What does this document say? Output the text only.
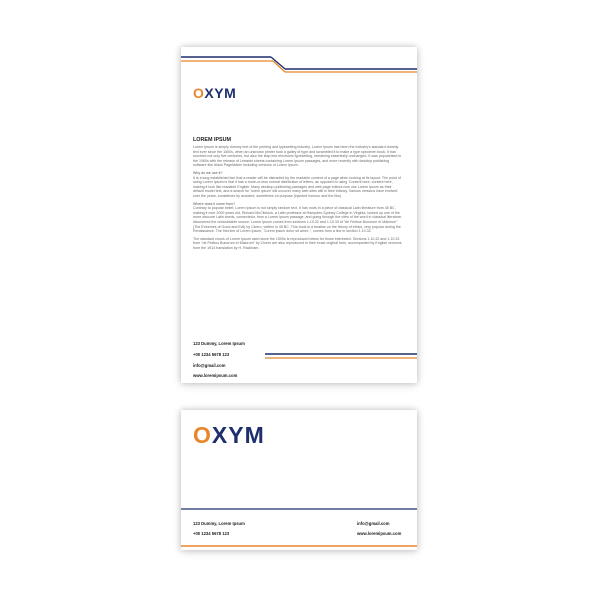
OXYM
LOREM IPSUM

Lorem Ipsum is simply dummy text of the printing and typesetting industry. Lorem Ipsum has been the industry's standard dummy text ever since the 1500s, when an unknown printer took a galley of type and scrambled it to make a type specimen book. It has survived not only five centuries, but also the leap into electronic typesetting, remaining essentially unchanged. It was popularised in the 1960s with the release of Letraset sheets containing Lorem Ipsum passages, and more recently with desktop publishing software like Aldus PageMaker including versions of Lorem Ipsum.

Why do we use it?

It is a long established fact that a reader will be distracted by the readable content of a page when looking at its layout. The point of using Lorem Ipsum is that it has a more-or-less normal distribution of letters, as opposed to using 'Content here, content here', making it look like readable English. Many desktop publishing packages and web page editors now use Lorem Ipsum as their default model text, and a search for 'lorem ipsum' will uncover many web sites still in their infancy. Various versions have evolved over the years, sometimes by accident, sometimes on purpose (injected humour and the like).

Where does it come from?

Contrary to popular belief, Lorem Ipsum is not simply random text. It has roots in a piece of classical Latin literature from 45 BC, making it over 2000 years old. Richard McClintock, a Latin professor at Hampden-Sydney College in Virginia, looked up one of the more obscure Latin words, consectetur, from a Lorem Ipsum passage, and going through the cites of the word in classical literature, discovered the undoubtable source. Lorem Ipsum comes from sections 1.10.32 and 1.10.33 of "de Finibus Bonorum et Malorum" (The Extremes of Good and Evil) by Cicero, written in 45 BC. This book is a treatise on the theory of ethics, very popular during the Renaissance. The first line of Lorem Ipsum, "Lorem ipsum dolor sit amet..", comes from a line in section 1.10.32.

The standard chunk of Lorem Ipsum used since the 1500s is reproduced below for those interested. Sections 1.10.32 and 1.10.33 from "de Finibus Bonorum et Malorum" by Cicero are also reproduced in their exact original form, accompanied by English versions from the 1914 translation by H. Rackham.

123 Dummy, Lorem Ipsum
+00 1234 5678 123
info@gmail.com
www.loremipsum.com
OXYM
123 Dummy, Lorem Ipsum
+00 1234 5678 123
info@gmail.com
www.loremipsum.com
